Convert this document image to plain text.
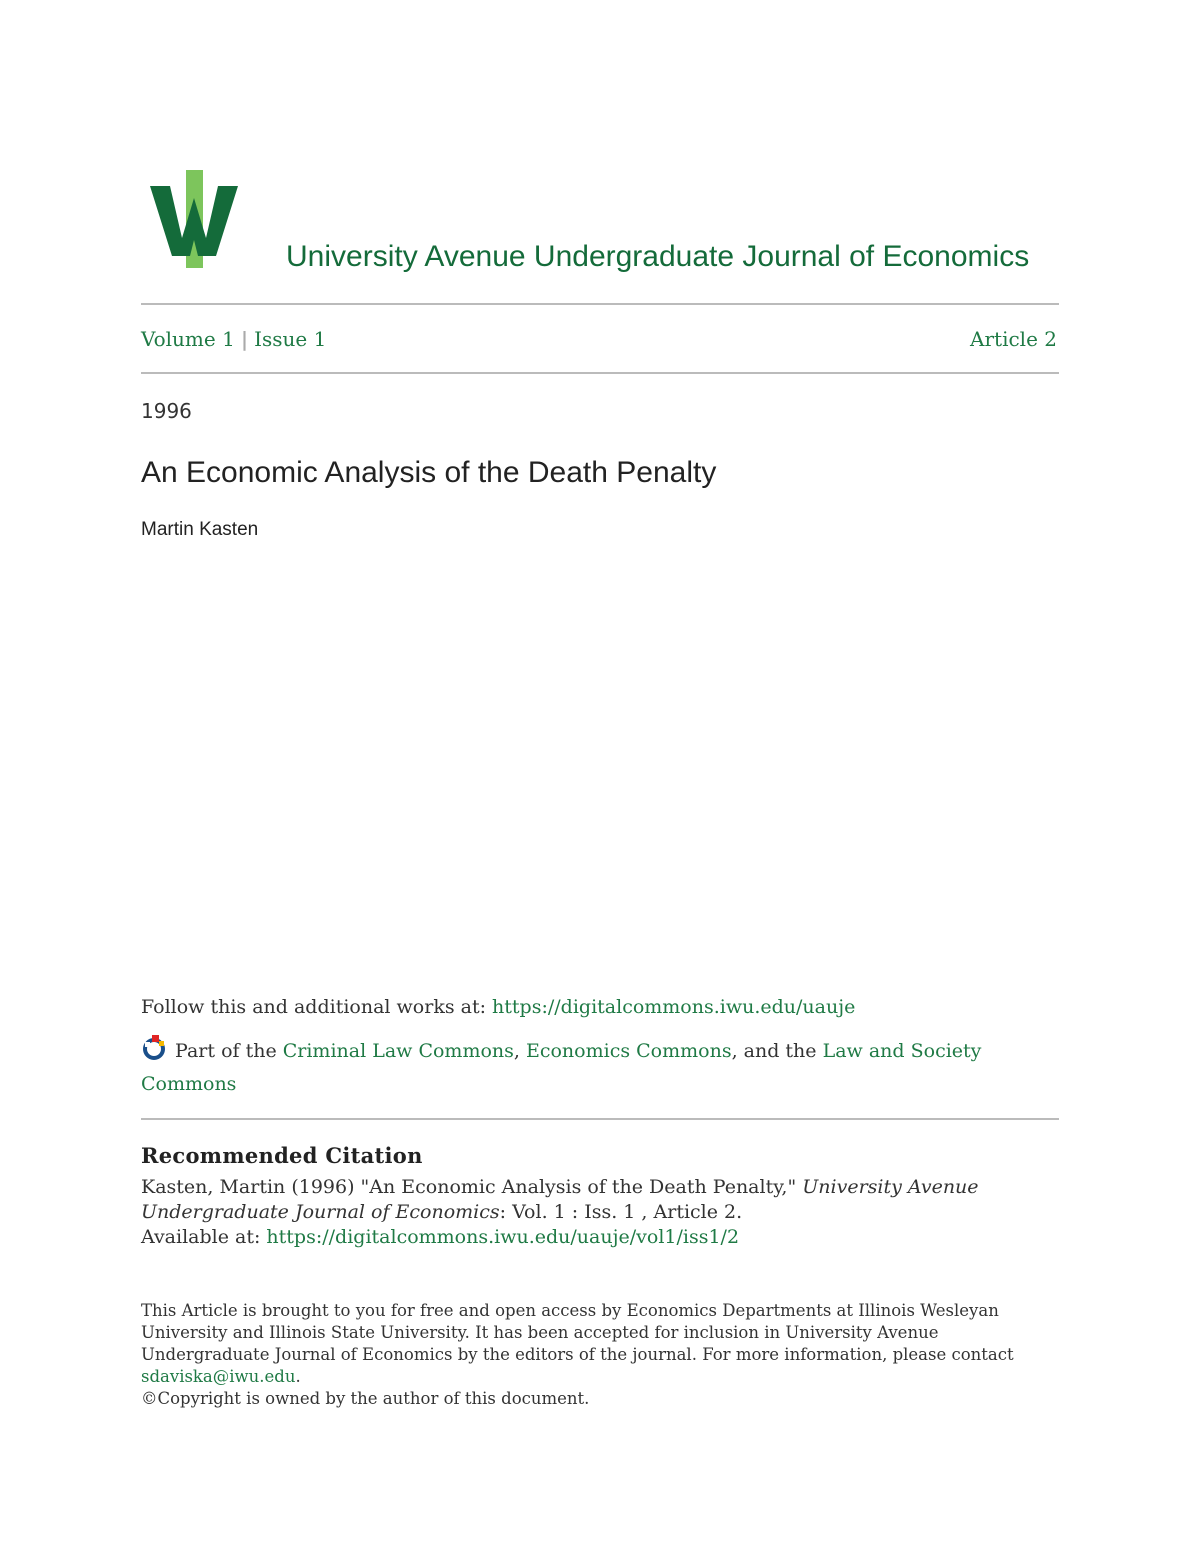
University Avenue Undergraduate Journal of Economics
Volume 1 | Issue 1	Article 2
1996
An Economic Analysis of the Death Penalty
Martin Kasten
Follow this and additional works at: https://digitalcommons.iwu.edu/uauje
Part of the Criminal Law Commons, Economics Commons, and the Law and Society Commons
Recommended Citation
Kasten, Martin (1996) "An Economic Analysis of the Death Penalty," University Avenue Undergraduate Journal of Economics: Vol. 1 : Iss. 1 , Article 2.
Available at: https://digitalcommons.iwu.edu/uauje/vol1/iss1/2
This Article is brought to you for free and open access by Economics Departments at Illinois Wesleyan University and Illinois State University. It has been accepted for inclusion in University Avenue Undergraduate Journal of Economics by the editors of the journal. For more information, please contact sdaviska@iwu.edu.
©Copyright is owned by the author of this document.
